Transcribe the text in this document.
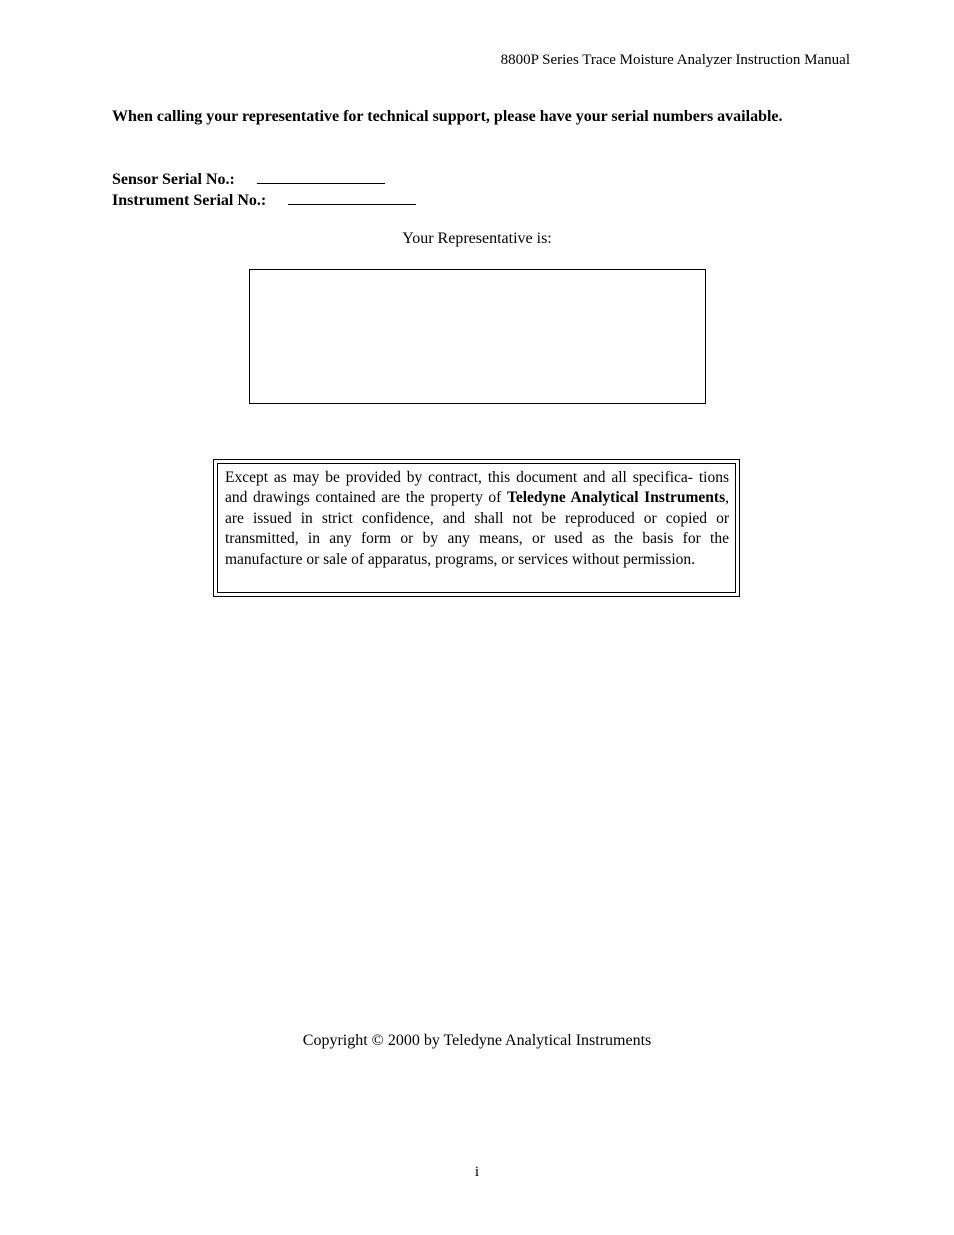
8800P Series Trace Moisture Analyzer Instruction Manual
When calling your representative for technical support, please have your serial numbers available.
Sensor Serial No.:
Instrument Serial No.:
Your Representative is:
Except as may be provided by contract, this document and all specifica- tions and drawings contained are the property of Teledyne Analytical Instruments, are issued in strict confidence, and shall not be reproduced or copied or transmitted, in any form or by any means, or used as the basis for the manufacture or sale of apparatus, programs, or services without permission.
Copyright © 2000 by Teledyne Analytical Instruments
i
